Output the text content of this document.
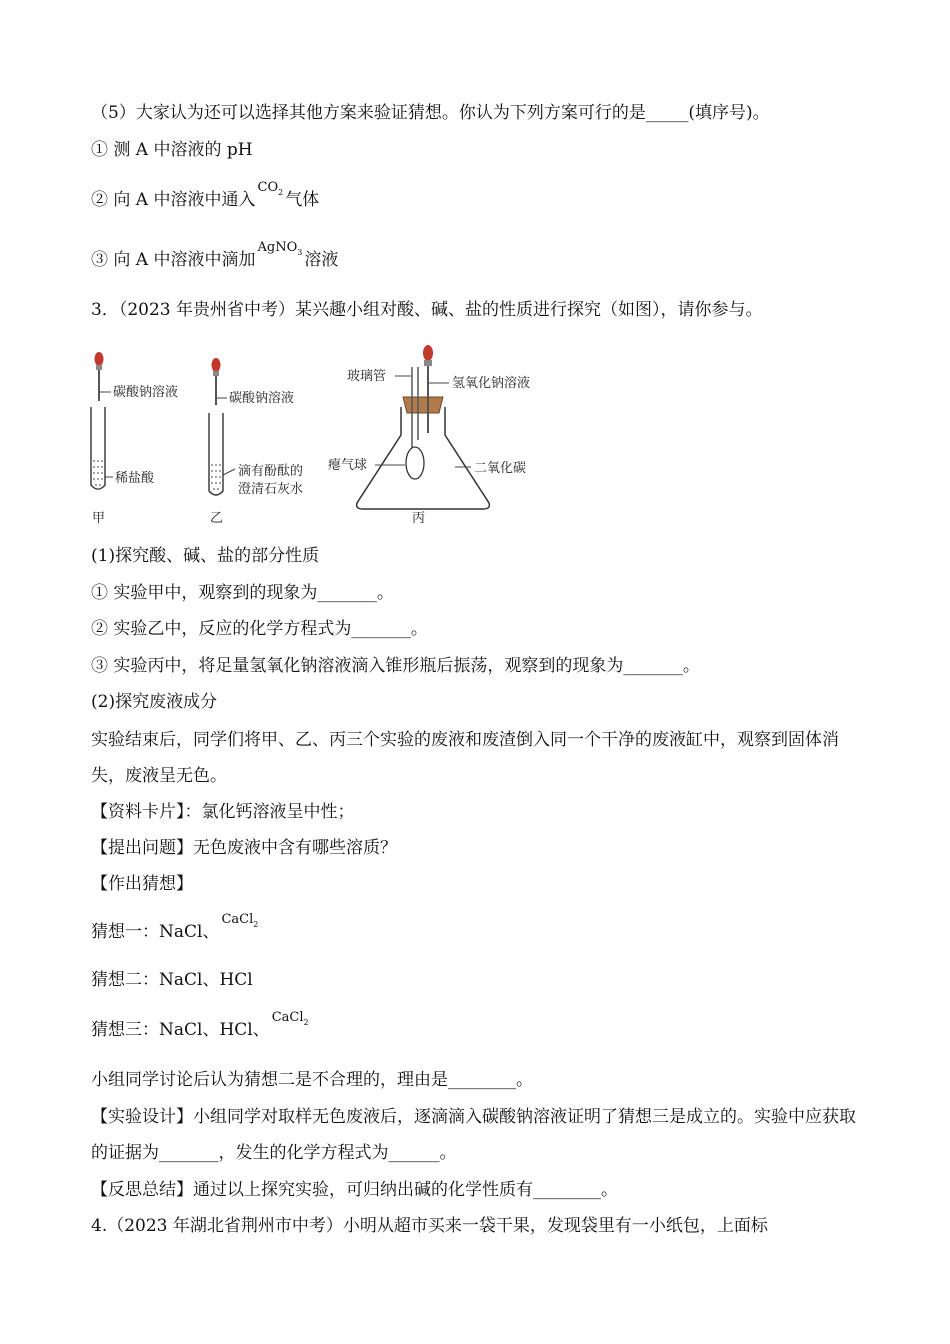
（5）大家认为还可以选择其他方案来验证猜想。你认为下列方案可行的是_____(填序号)。
① 测 A 中溶液的 pH
② 向 A 中溶液中通入$^{CO_2}$ 气体
③ 向 A 中溶液中滴加$^{AgNO_3}$ 溶液
3．（2023 年贵州省中考）某兴趣小组对酸、碱、盐的性质进行探究（如图），请你参与。
碳酸钠溶液
稀盐酸
甲
碳酸钠溶液
滴有酚酞的
澄清石灰水
乙
玻璃管	氢氧化钠溶液
瘪气球	二氧化碳
丙
(1)探究酸、碱、盐的部分性质
① 实验甲中，观察到的现象为_______。
② 实验乙中，反应的化学方程式为_______。
③ 实验丙中，将足量氢氧化钠溶液滴入锥形瓶后振荡，观察到的现象为_______。
(2)探究废液成分
实验结束后，同学们将甲、乙、丙三个实验的废液和废渣倒入同一个干净的废液缸中，观察到固体消失，废液呈无色。
【资料卡片】：氯化钙溶液呈中性；
【提出问题】无色废液中含有哪些溶质？
【作出猜想】
猜想一：NaCl、$^{CaCl_2}$
猜想二：NaCl、HCl
猜想三：NaCl、HCl、$^{CaCl_2}$
小组同学讨论后认为猜想二是不合理的，理由是________。
【实验设计】小组同学对取样无色废液后，逐滴滴入碳酸钠溶液证明了猜想三是成立的。实验中应获取的证据为_______，发生的化学方程式为______。
【反思总结】通过以上探究实验，可归纳出碱的化学性质有________。
4.（2023 年湖北省荆州市中考）小明从超市买来一袋干果，发现袋里有一小纸包，上面标
